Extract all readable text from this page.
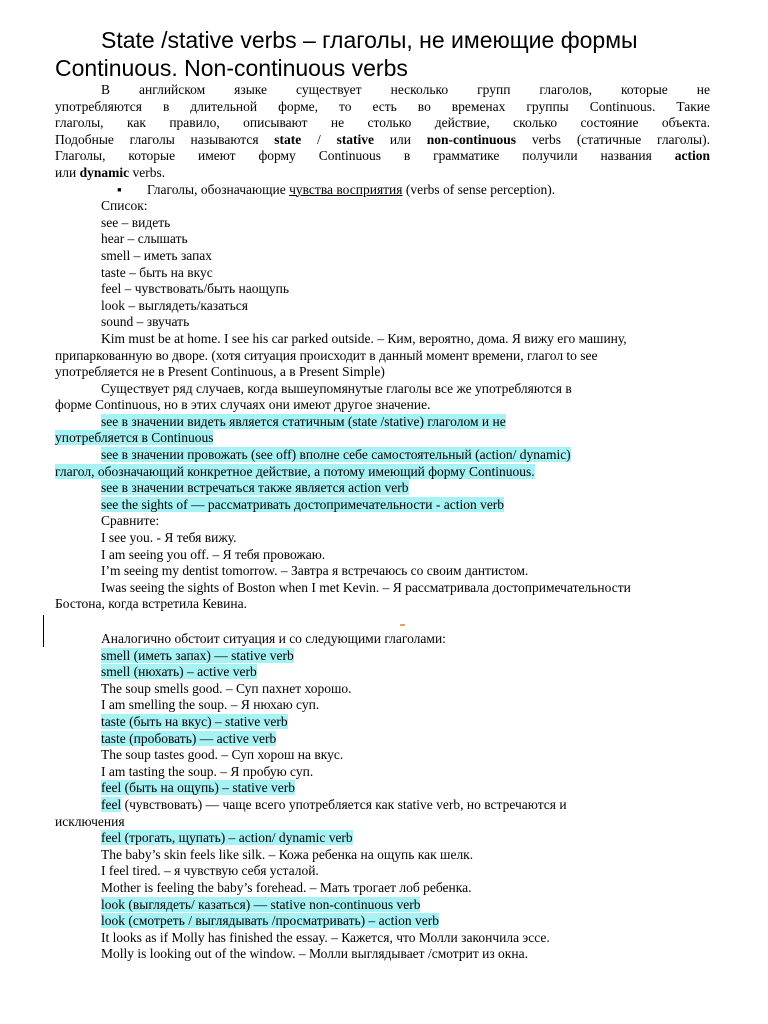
State /stative verbs – глаголы, не имеющие формы
Continuous. Non-continuous verbs
В английском языке существует несколько групп глаголов, которые не
употребляются в длительной форме, то есть во временах группы Continuous. Такие
глаголы, как правило, описывают не столько действие, сколько состояние объекта.
Подобные глаголы называются state / stative или non-continuous verbs (статичные глаголы).
Глаголы, которые имеют форму Continuous в грамматике получили названия action
или dynamic verbs.
▪ Глаголы, обозначающие чувства восприятия (verbs of sense perception).
Список:
see – видеть
hear – слышать
smell – иметь запах
taste – быть на вкус
feel – чувствовать/быть наощупь
look – выглядеть/казаться
sound – звучать
Kim must be at home. I see his car parked outside. – Ким, вероятно, дома. Я вижу его машину,
припаркованную во дворе. (хотя ситуация происходит в данный момент времени, глагол to see
употребляется не в Present Continuous, а в Present Simple)
Существует ряд случаев, когда вышеупомянутые глаголы все же употребляются в
форме Continuous, но в этих случаях они имеют другое значение.
see в значении видеть является статичным (state /stative) глаголом и не
употребляется в Continuous
see в значении провожать (see off) вполне себе самостоятельный (action/ dynamic)
глагол, обозначающий конкретное действие, а потому имеющий форму Continuous.
see в значении встречаться также является action verb
see the sights of — рассматривать достопримечательности - action verb
Сравните:
I see you. - Я тебя вижу.
I am seeing you off. – Я тебя провожаю.
I’m seeing my dentist tomorrow. – Завтра я встречаюсь со своим дантистом.
Iwas seeing the sights of Boston when I met Kevin. – Я рассматривала достопримечательности
Бостона, когда встретила Кевина.
Аналогично обстоит ситуация и со следующими глаголами:
smell (иметь запах) — stative verb
smell (нюхать) – active verb
The soup smells good. – Суп пахнет хорошо.
I am smelling the soup. – Я нюхаю суп.
taste (быть на вкус) – stative verb
taste (пробовать) — active verb
The soup tastes good. – Суп хорош на вкус.
I am tasting the soup. – Я пробую суп.
feel (быть на ощупь) – stative verb
feel (чувствовать) — чаще всего употребляется как stative verb, но встречаются и
исключения
feel (трогать, щупать) – action/ dynamic verb
The baby’s skin feels like silk. – Кожа ребенка на ощупь как шелк.
I feel tired. – я чувствую себя усталой.
Mother is feeling the baby’s forehead. – Мать трогает лоб ребенка.
look (выглядеть/ казаться) — stative non-continuous verb
look (смотреть / выглядывать /просматривать) – action verb
It looks as if Molly has finished the essay. – Кажется, что Молли закончила эссе.
Molly is looking out of the window. – Молли выглядывает /смотрит из окна.
